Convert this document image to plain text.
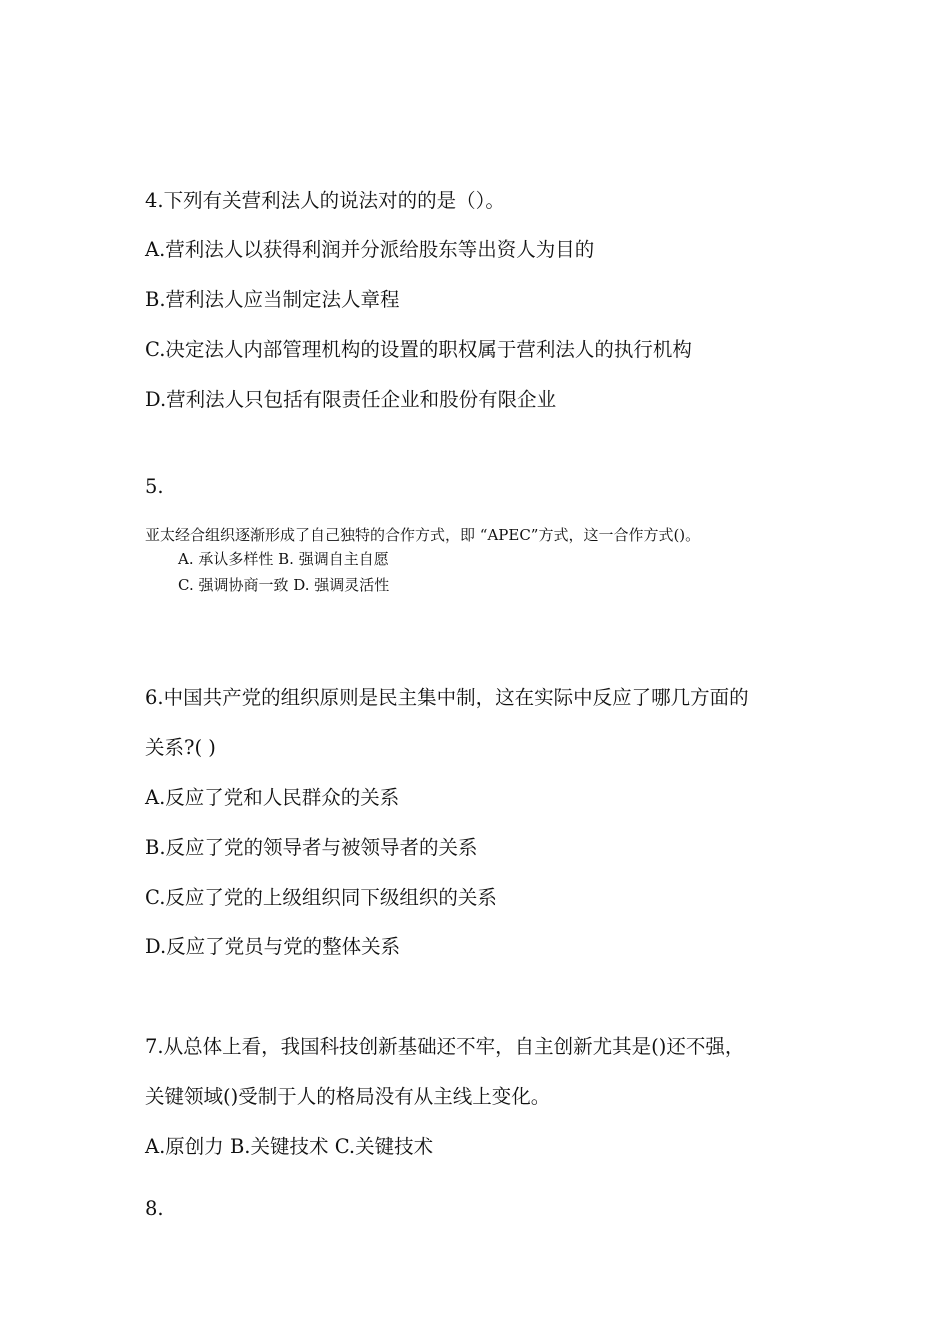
4.下列有关营利法人的说法对的的是（）。
A.营利法人以获得利润并分派给股东等出资人为目的
B.营利法人应当制定法人章程
C.决定法人内部管理机构的设置的职权属于营利法人的执行机构
D.营利法人只包括有限责任企业和股份有限企业
5.
亚太经合组织逐渐形成了自己独特的合作方式，即 “APEC”方式，这一合作方式()。
A. 承认多样性 B. 强调自主自愿
C. 强调协商一致 D. 强调灵活性
6.中国共产党的组织原则是民主集中制，这在实际中反应了哪几方面的
关系?( )
A.反应了党和人民群众的关系
B.反应了党的领导者与被领导者的关系
C.反应了党的上级组织同下级组织的关系
D.反应了党员与党的整体关系
7.从总体上看，我国科技创新基础还不牢，自主创新尤其是()还不强，
关键领域()受制于人的格局没有从主线上变化。
A.原创力 B.关键技术 C.关键技术
8.
